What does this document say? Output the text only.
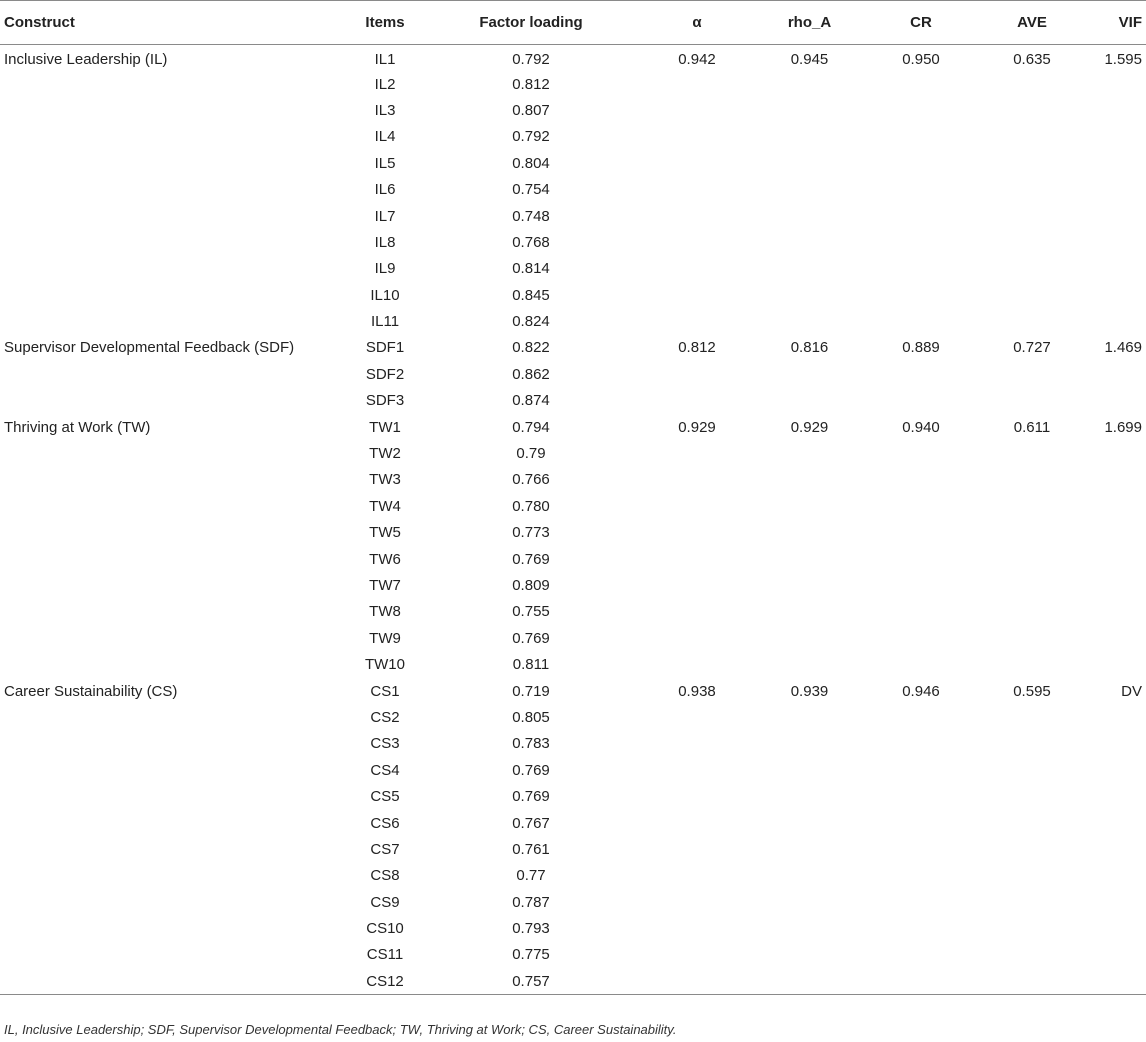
Construct	Items	Factor loading	α	rho_A	CR	AVE	VIF
Inclusive Leadership (IL)	IL1	0.792	0.942	0.945	0.950	0.635	1.595
	IL2	0.812					
	IL3	0.807					
	IL4	0.792					
	IL5	0.804					
	IL6	0.754					
	IL7	0.748					
	IL8	0.768					
	IL9	0.814					
	IL10	0.845					
	IL11	0.824					
Supervisor Developmental Feedback (SDF)	SDF1	0.822	0.812	0.816	0.889	0.727	1.469
	SDF2	0.862					
	SDF3	0.874					
Thriving at Work (TW)	TW1	0.794	0.929	0.929	0.940	0.611	1.699
	TW2	0.79					
	TW3	0.766					
	TW4	0.780					
	TW5	0.773					
	TW6	0.769					
	TW7	0.809					
	TW8	0.755					
	TW9	0.769					
	TW10	0.811					
Career Sustainability (CS)	CS1	0.719	0.938	0.939	0.946	0.595	DV
	CS2	0.805					
	CS3	0.783					
	CS4	0.769					
	CS5	0.769					
	CS6	0.767					
	CS7	0.761					
	CS8	0.77					
	CS9	0.787					
	CS10	0.793					
	CS11	0.775					
	CS12	0.757					

IL, Inclusive Leadership; SDF, Supervisor Developmental Feedback; TW, Thriving at Work; CS, Career Sustainability.
